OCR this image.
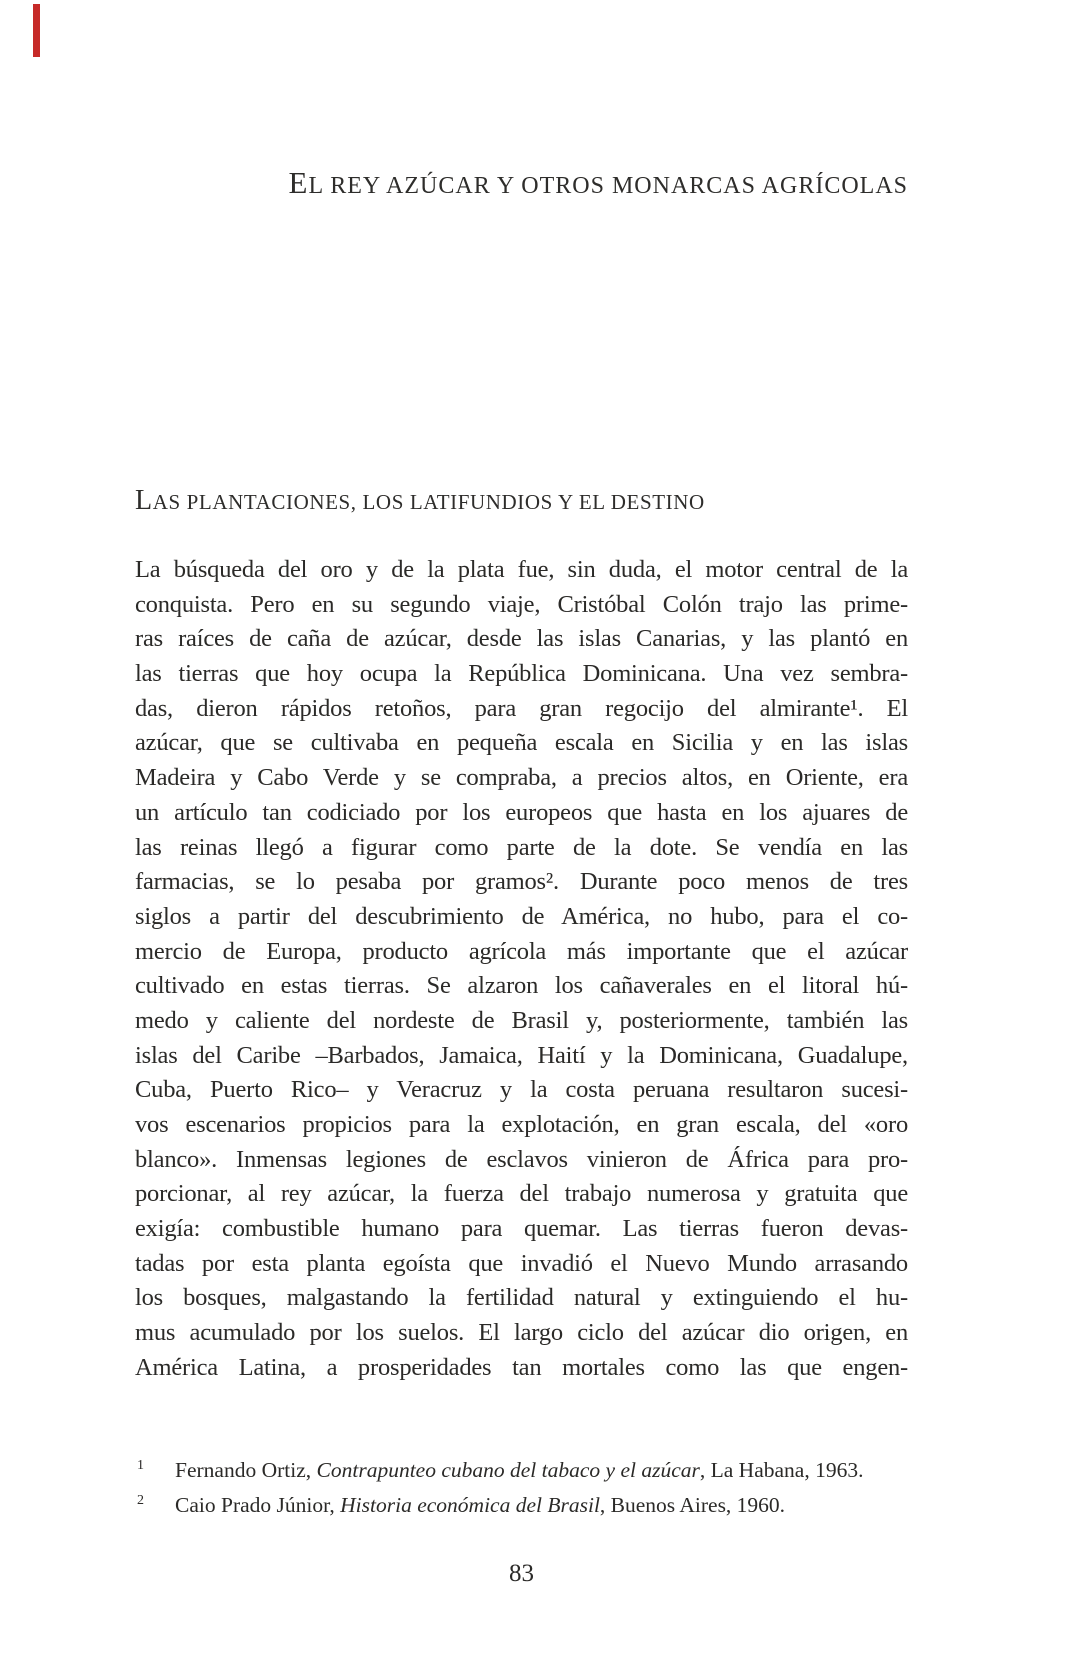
EL REY AZÚCAR Y OTROS MONARCAS AGRÍCOLAS
LAS PLANTACIONES, LOS LATIFUNDIOS Y EL DESTINO
La búsqueda del oro y de la plata fue, sin duda, el motor central de la
conquista. Pero en su segundo viaje, Cristóbal Colón trajo las prime-
ras raíces de caña de azúcar, desde las islas Canarias, y las plantó en
las tierras que hoy ocupa la República Dominicana. Una vez sembra-
das, dieron rápidos retoños, para gran regocijo del almirante¹. El
azúcar, que se cultivaba en pequeña escala en Sicilia y en las islas
Madeira y Cabo Verde y se compraba, a precios altos, en Oriente, era
un artículo tan codiciado por los europeos que hasta en los ajuares de
las reinas llegó a figurar como parte de la dote. Se vendía en las
farmacias, se lo pesaba por gramos². Durante poco menos de tres
siglos a partir del descubrimiento de América, no hubo, para el co-
mercio de Europa, producto agrícola más importante que el azúcar
cultivado en estas tierras. Se alzaron los cañaverales en el litoral hú-
medo y caliente del nordeste de Brasil y, posteriormente, también las
islas del Caribe –Barbados, Jamaica, Haití y la Dominicana, Guadalupe,
Cuba, Puerto Rico– y Veracruz y la costa peruana resultaron sucesi-
vos escenarios propicios para la explotación, en gran escala, del «oro
blanco». Inmensas legiones de esclavos vinieron de África para pro-
porcionar, al rey azúcar, la fuerza del trabajo numerosa y gratuita que
exigía: combustible humano para quemar. Las tierras fueron devas-
tadas por esta planta egoísta que invadió el Nuevo Mundo arrasando
los bosques, malgastando la fertilidad natural y extinguiendo el hu-
mus acumulado por los suelos. El largo ciclo del azúcar dio origen, en
América Latina, a prosperidades tan mortales como las que engen-
1 Fernando Ortiz, Contrapunteo cubano del tabaco y el azúcar, La Habana, 1963.
2 Caio Prado Júnior, Historia económica del Brasil, Buenos Aires, 1960.
83
